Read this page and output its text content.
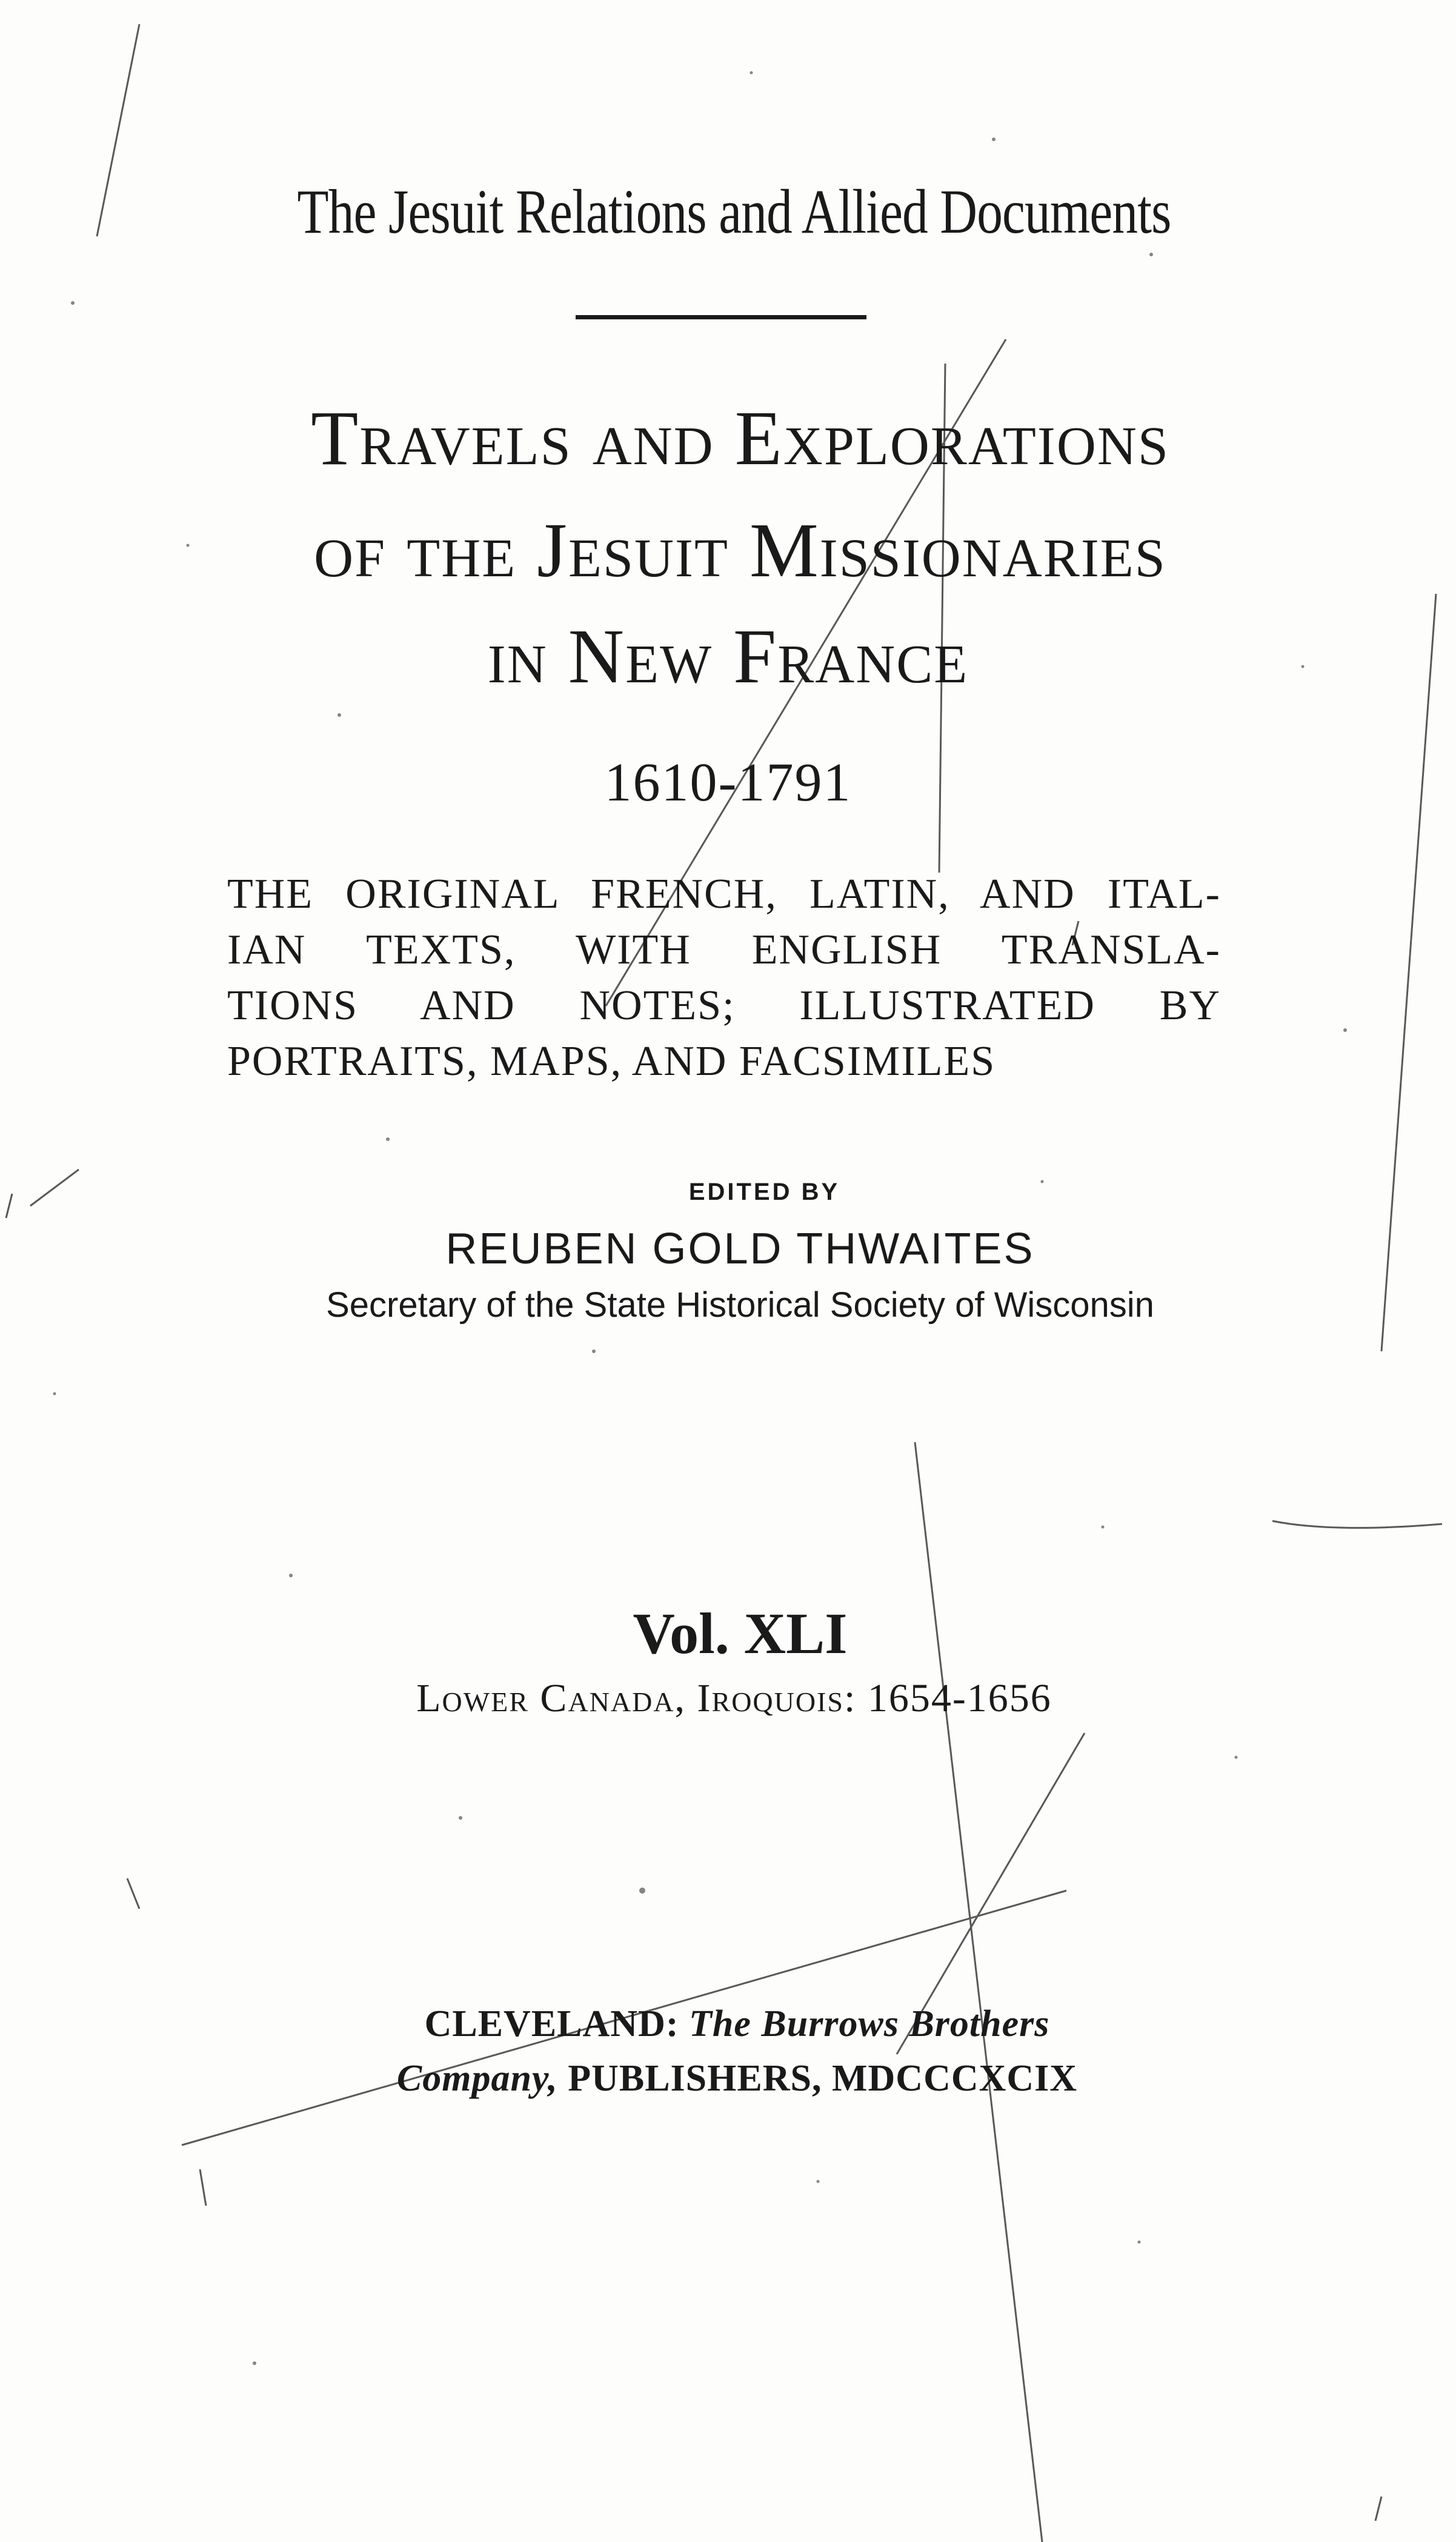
The Jesuit Relations and Allied Documents
Travels and Explorations
of the Jesuit Missionaries
in New France
1610-1791
THE ORIGINAL FRENCH, LATIN, AND ITAL-
IAN TEXTS, WITH ENGLISH TRANSLA-
TIONS AND NOTES; ILLUSTRATED BY
PORTRAITS, MAPS, AND FACSIMILES
EDITED BY
REUBEN GOLD THWAITES
Secretary of the State Historical Society of Wisconsin
Vol. XLI
Lower Canada, Iroquois: 1654-1656
CLEVELAND: The Burrows Brothers
Company, PUBLISHERS, MDCCCXCIX
